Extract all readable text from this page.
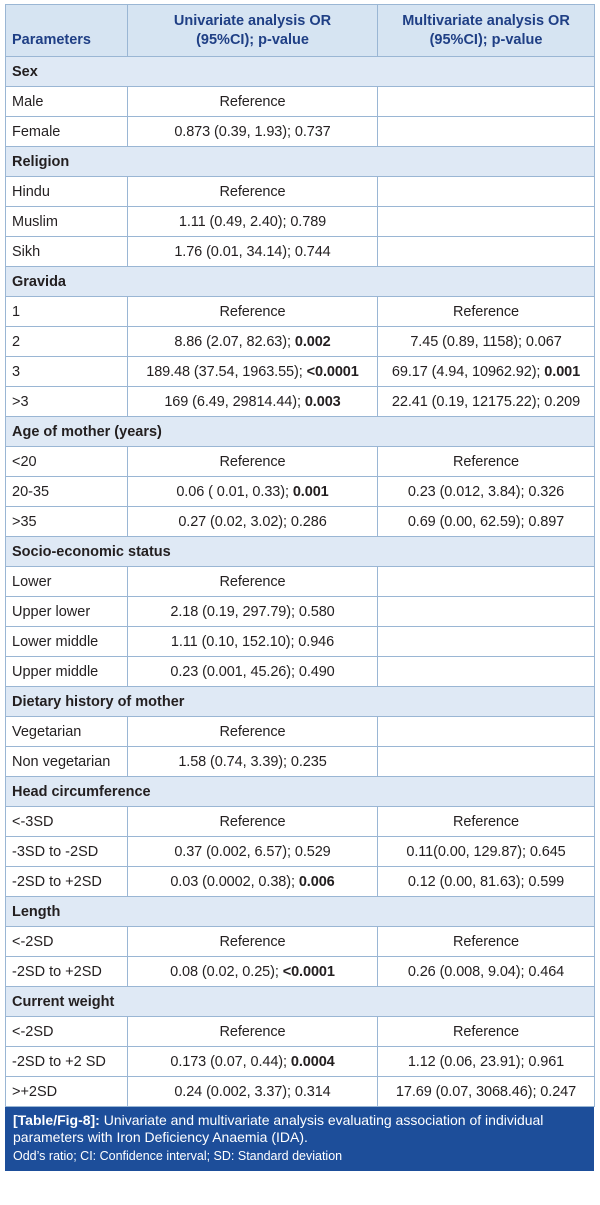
Parameters	Univariate analysis OR (95%CI); p-value	Multivariate analysis OR (95%CI); p-value
Sex		
Male	Reference	
Female	0.873 (0.39, 1.93); 0.737	
Religion		
Hindu	Reference	
Muslim	1.11 (0.49, 2.40); 0.789	
Sikh	1.76 (0.01, 34.14); 0.744	
Gravida		
1	Reference	Reference
2	8.86 (2.07, 82.63); 0.002	7.45 (0.89, 1158); 0.067
3	189.48 (37.54, 1963.55); <0.0001	69.17 (4.94, 10962.92); 0.001
>3	169 (6.49, 29814.44); 0.003	22.41 (0.19, 12175.22); 0.209
Age of mother (years)		
<20	Reference	Reference
20-35	0.06 ( 0.01, 0.33); 0.001	0.23 (0.012, 3.84); 0.326
>35	0.27 (0.02, 3.02); 0.286	0.69 (0.00, 62.59); 0.897
Socio-economic status		
Lower	Reference	
Upper lower	2.18 (0.19, 297.79); 0.580	
Lower middle	1.11 (0.10, 152.10); 0.946	
Upper middle	0.23 (0.001, 45.26); 0.490	
Dietary history of mother		
Vegetarian	Reference	
Non vegetarian	1.58 (0.74, 3.39); 0.235	
Head circumference		
<-3SD	Reference	Reference
-3SD to -2SD	0.37 (0.002, 6.57); 0.529	0.11(0.00, 129.87); 0.645
-2SD to +2SD	0.03 (0.0002, 0.38); 0.006	0.12 (0.00, 81.63); 0.599
Length		
<-2SD	Reference	Reference
-2SD to +2SD	0.08 (0.02, 0.25); <0.0001	0.26 (0.008, 9.04); 0.464
Current weight		
<-2SD	Reference	Reference
-2SD to +2 SD	0.173 (0.07, 0.44); 0.0004	1.12 (0.06, 23.91); 0.961
>+2SD	0.24 (0.002, 3.37); 0.314	17.69 (0.07, 3068.46); 0.247
[Table/Fig-8]: Univariate and multivariate analysis evaluating association of individual parameters with Iron Deficiency Anaemia (IDA).
Odd’s ratio; CI: Confidence interval; SD: Standard deviation
